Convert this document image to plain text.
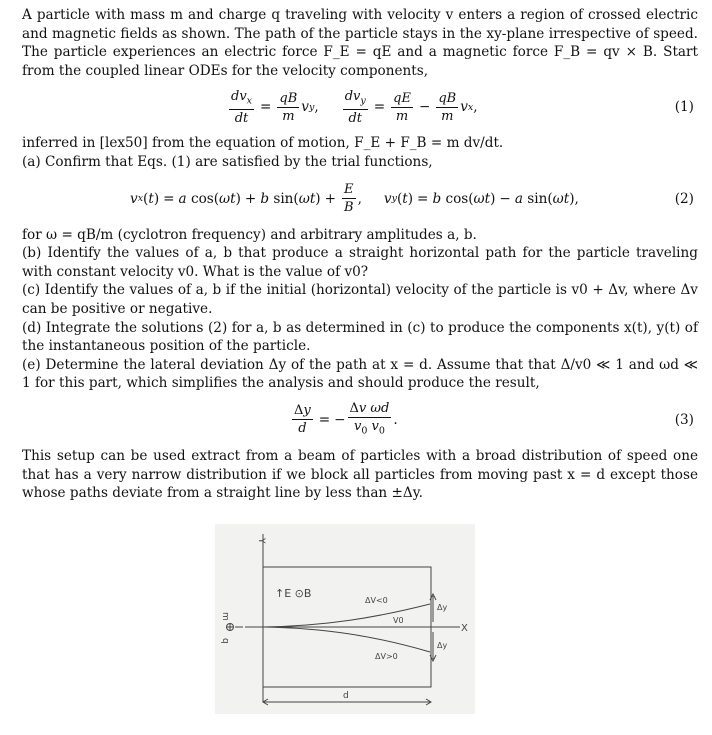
A particle with mass m and charge q traveling with velocity v enters a region of crossed electric and magnetic fields as shown. The path of the particle stays in the xy-plane irrespective of speed. The particle experiences an electric force F_E = qE and a magnetic force F_B = qv × B. Start from the coupled linear ODEs for the velocity components,

$\frac{dv_x}{dt} = \frac{qB}{m}$ v y , $\frac{dv_y}{dt} = \frac{qE}{m} - \frac{qB}{m}$ v x ,	(1)

inferred in [lex50] from the equation of motion, F_E + F_B = m dv/dt.

(a) Confirm that Eqs. (1) are satisfied by the trial functions,

v x ( t ) = a cos( ωt ) + b sin( ωt ) + $\frac{E}{B}$ , v y ( t ) = b cos( ωt ) − a sin( ωt ),	(2)

for ω = qB/m (cyclotron frequency) and arbitrary amplitudes a, b.

(b) Identify the values of a, b that produce a straight horizontal path for the particle traveling with constant velocity v0. What is the value of v0?

(c) Identify the values of a, b if the initial (horizontal) velocity of the particle is v0 + Δv, where Δv can be positive or negative.

(d) Integrate the solutions (2) for a, b as determined in (c) to produce the components x(t), y(t) of the instantaneous position of the particle.

(e) Determine the lateral deviation Δy of the path at x = d. Assume that that Δ/v0 ≪ 1 and ωd ≪ 1 for this part, which simplifies the analysis and should produce the result,

$\frac{\Delta y}{d}$ = − $\frac{\text{Δv ωd}}{v_0 v_0}$ .	(3)

This setup can be used extract from a beam of particles with a broad distribution of speed one that has a very narrow distribution if we block all particles from moving past x = d except those whose paths deviate from a straight line by less than ±Δy.

Y
↑E ⊙B
X
m
q
ΔV<0
V0
ΔV>0
Δy
Δy
d
